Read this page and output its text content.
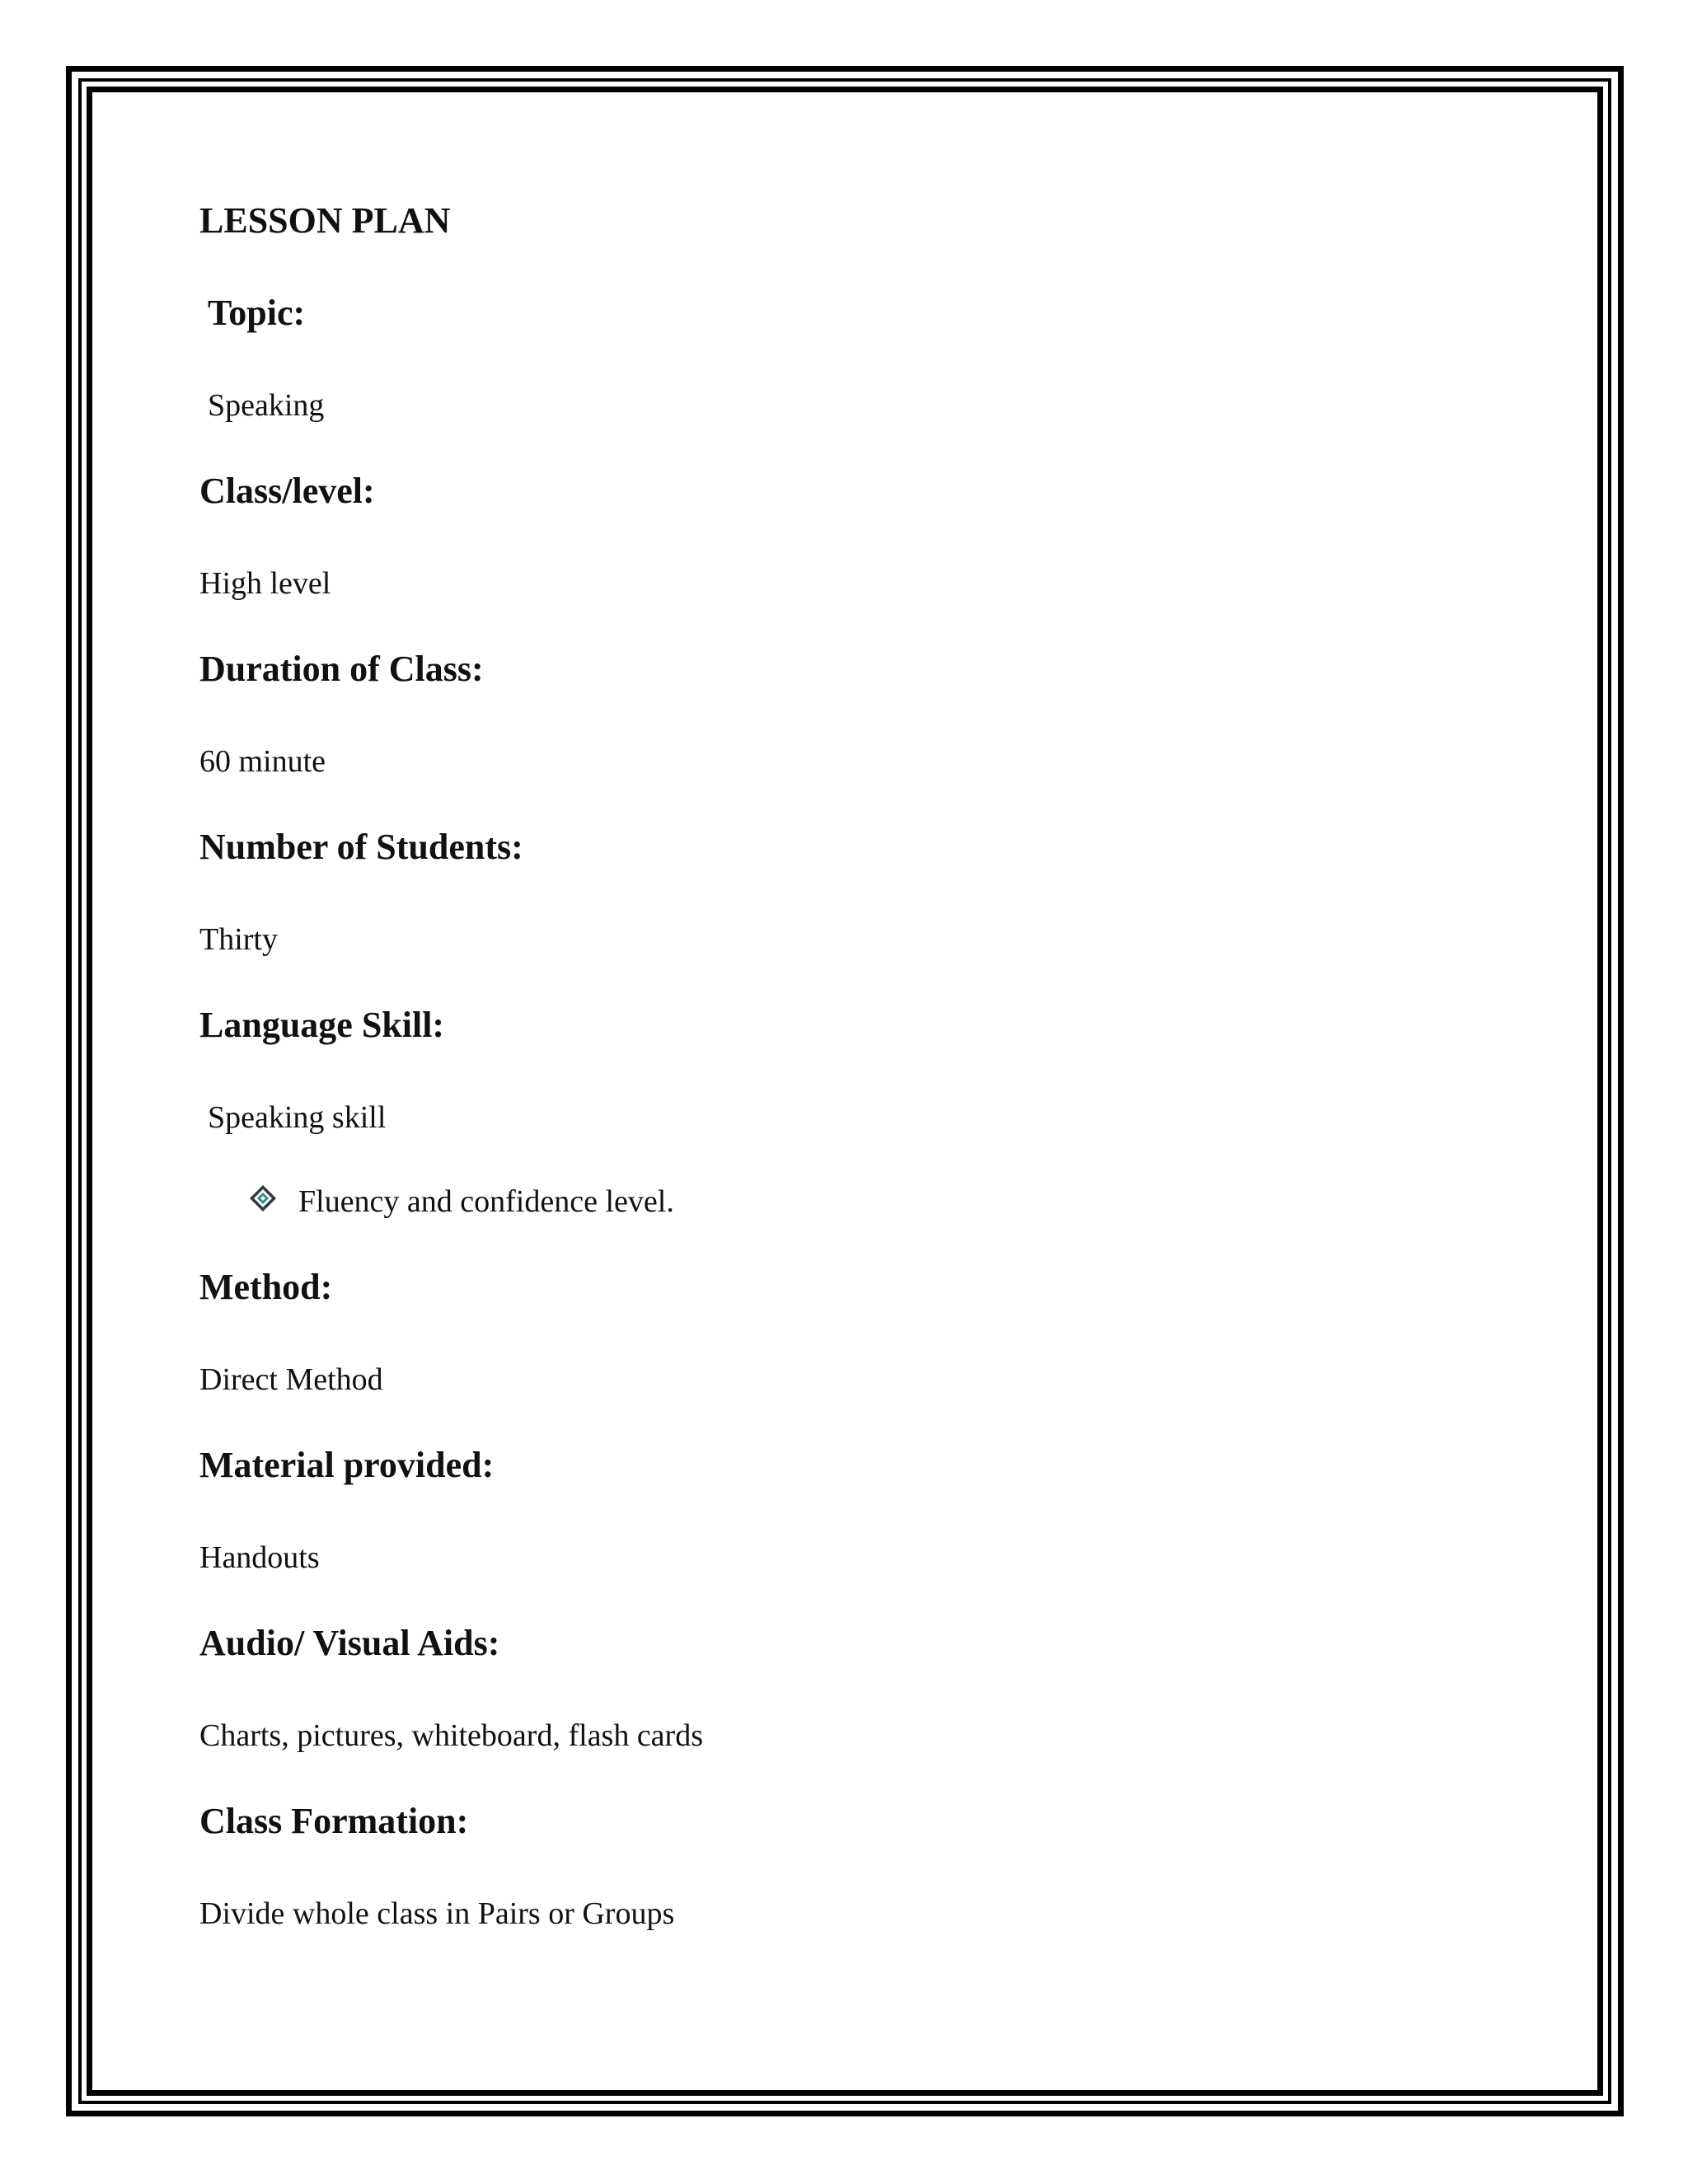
LESSON PLAN
Topic:
Speaking
Class/level:
High level
Duration of Class:
60 minute
Number of Students:
Thirty
Language Skill:
Speaking skill
Fluency and confidence level.
Method:
Direct Method
Material provided:
Handouts
Audio/ Visual Aids:
Charts, pictures, whiteboard, flash cards
Class Formation:
Divide whole class in Pairs or Groups
